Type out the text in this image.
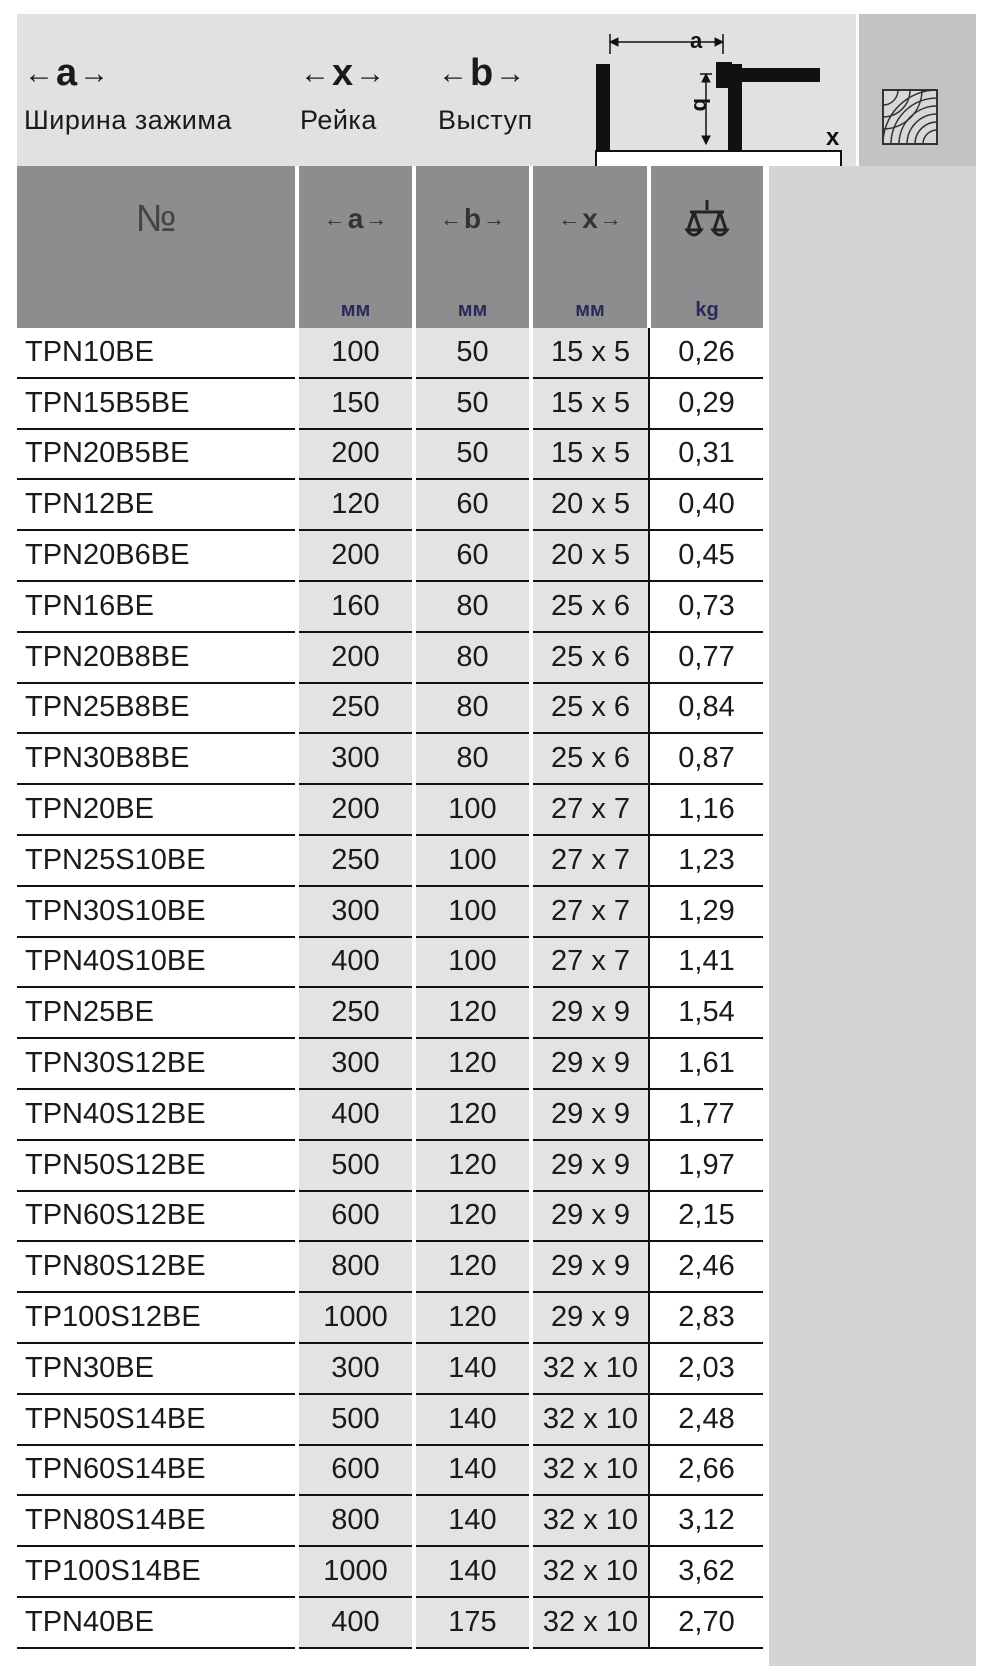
← a →
Ширина зажима
← x →
Рейка
← b →
Выступ
a
b
x
№	← a →	← b →	← x →

	мм	мм	мм	kg
TPN10BE	100	50	15 x 5	0,26
TPN15B5BE	150	50	15 x 5	0,29
TPN20B5BE	200	50	15 x 5	0,31
TPN12BE	120	60	20 x 5	0,40
TPN20B6BE	200	60	20 x 5	0,45
TPN16BE	160	80	25 x 6	0,73
TPN20B8BE	200	80	25 x 6	0,77
TPN25B8BE	250	80	25 x 6	0,84
TPN30B8BE	300	80	25 x 6	0,87
TPN20BE	200	100	27 x 7	1,16
TPN25S10BE	250	100	27 x 7	1,23
TPN30S10BE	300	100	27 x 7	1,29
TPN40S10BE	400	100	27 x 7	1,41
TPN25BE	250	120	29 x 9	1,54
TPN30S12BE	300	120	29 x 9	1,61
TPN40S12BE	400	120	29 x 9	1,77
TPN50S12BE	500	120	29 x 9	1,97
TPN60S12BE	600	120	29 x 9	2,15
TPN80S12BE	800	120	29 x 9	2,46
TP100S12BE	1000	120	29 x 9	2,83
TPN30BE	300	140	32 x 10	2,03
TPN50S14BE	500	140	32 x 10	2,48
TPN60S14BE	600	140	32 x 10	2,66
TPN80S14BE	800	140	32 x 10	3,12
TP100S14BE	1000	140	32 x 10	3,62
TPN40BE	400	175	32 x 10	2,70
